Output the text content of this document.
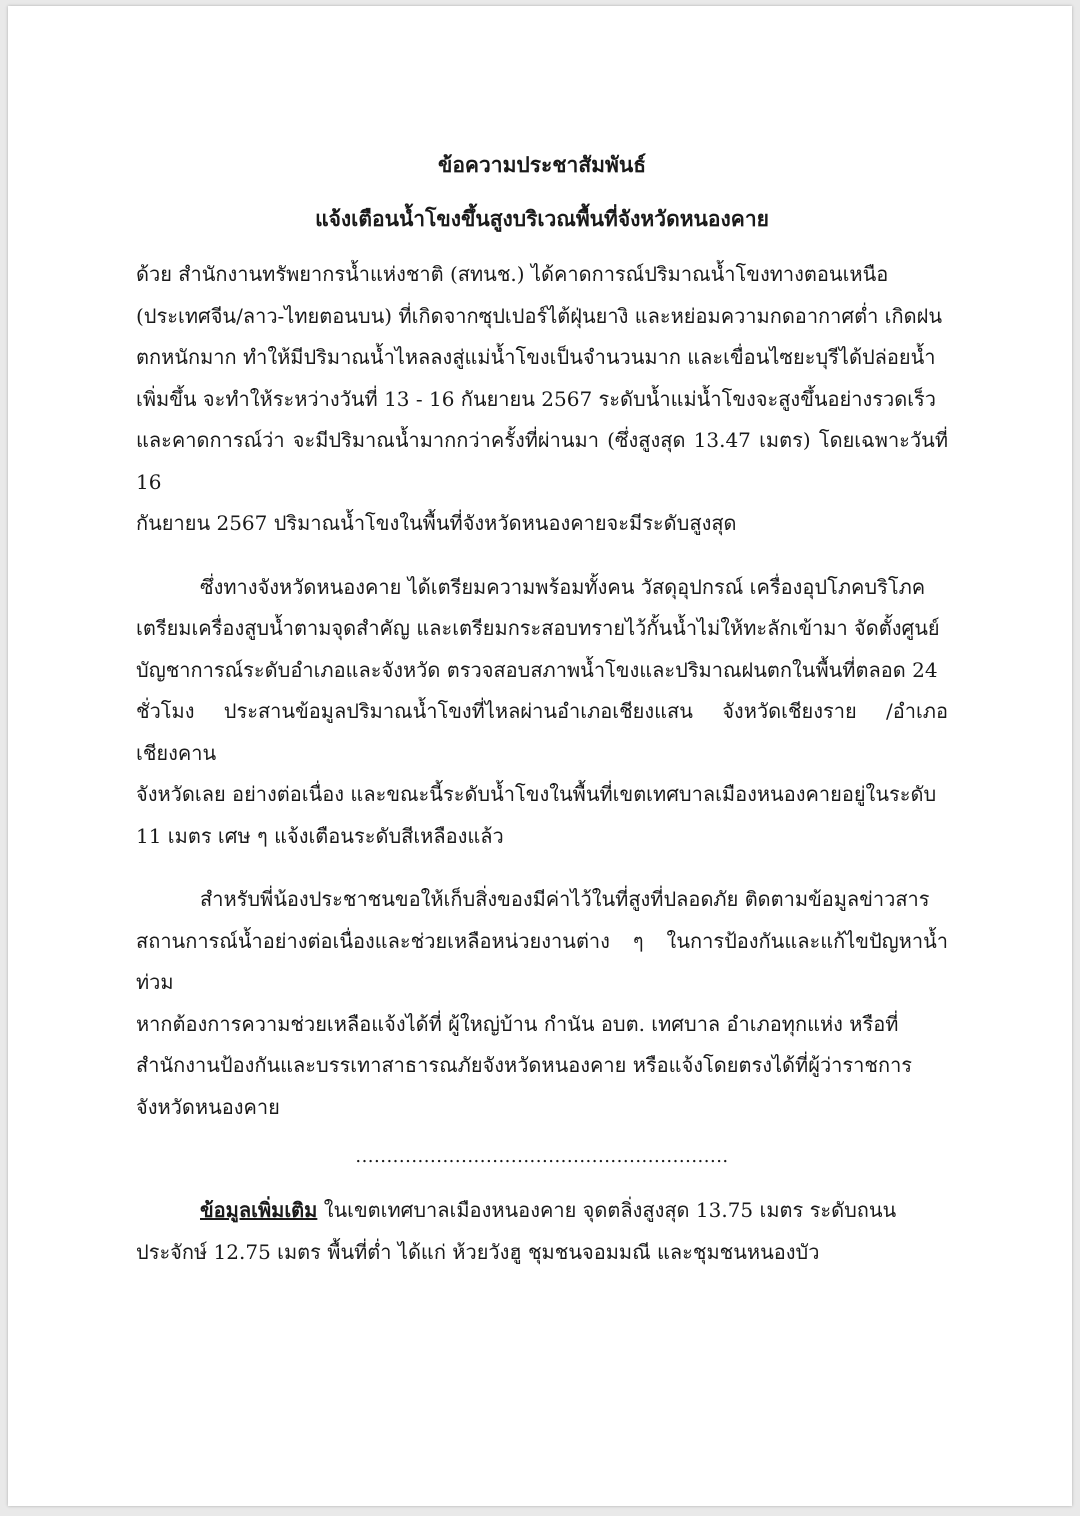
ข้อความประชาสัมพันธ์

แจ้งเตือนน้ำโขงขึ้นสูงบริเวณพื้นที่จังหวัดหนองคาย

ด้วย สำนักงานทรัพยากรน้ำแห่งชาติ (สทนช.) ได้คาดการณ์ปริมาณน้ำโขงทางตอนเหนือ
(ประเทศจีน/ลาว-ไทยตอนบน) ที่เกิดจากซุปเปอร์ไต้ฝุ่นยางิ และหย่อมความกดอากาศต่ำ เกิดฝน
ตกหนักมาก ทำให้มีปริมาณน้ำไหลลงสู่แม่น้ำโขงเป็นจำนวนมาก และเขื่อนไซยะบุรีได้ปล่อยน้ำ
เพิ่มขึ้น จะทำให้ระหว่างวันที่ 13 - 16 กันยายน 2567 ระดับน้ำแม่น้ำโขงจะสูงขึ้นอย่างรวดเร็ว
และคาดการณ์ว่า จะมีปริมาณน้ำมากกว่าครั้งที่ผ่านมา (ซึ่งสูงสุด 13.47 เมตร) โดยเฉพาะวันที่ 16
กันยายน 2567 ปริมาณน้ำโขงในพื้นที่จังหวัดหนองคายจะมีระดับสูงสุด

ซึ่งทางจังหวัดหนองคาย ได้เตรียมความพร้อมทั้งคน วัสดุอุปกรณ์ เครื่องอุปโภคบริโภค
เตรียมเครื่องสูบน้ำตามจุดสำคัญ และเตรียมกระสอบทรายไว้กั้นน้ำไม่ให้ทะลักเข้ามา จัดตั้งศูนย์
บัญชาการณ์ระดับอำเภอและจังหวัด ตรวจสอบสภาพน้ำโขงและปริมาณฝนตกในพื้นที่ตลอด 24
ชั่วโมง ประสานข้อมูลปริมาณน้ำโขงที่ไหลผ่านอำเภอเชียงแสน จังหวัดเชียงราย /อำเภอเชียงคาน
จังหวัดเลย อย่างต่อเนื่อง และขณะนี้ระดับน้ำโขงในพื้นที่เขตเทศบาลเมืองหนองคายอยู่ในระดับ
11 เมตร เศษ ๆ แจ้งเตือนระดับสีเหลืองแล้ว

สำหรับพี่น้องประชาชนขอให้เก็บสิ่งของมีค่าไว้ในที่สูงที่ปลอดภัย ติดตามข้อมูลข่าวสาร
สถานการณ์น้ำอย่างต่อเนื่องและช่วยเหลือหน่วยงานต่าง ๆ ในการป้องกันและแก้ไขปัญหาน้ำท่วม
หากต้องการความช่วยเหลือแจ้งได้ที่ ผู้ใหญ่บ้าน กำนัน อบต. เทศบาล อำเภอทุกแห่ง หรือที่
สำนักงานป้องกันและบรรเทาสาธารณภัยจังหวัดหนองคาย หรือแจ้งโดยตรงได้ที่ผู้ว่าราชการ
จังหวัดหนองคาย

............................................................

ข้อมูลเพิ่มเติม ในเขตเทศบาลเมืองหนองคาย จุดตลิ่งสูงสุด 13.75 เมตร ระดับถนน
ประจักษ์ 12.75 เมตร พื้นที่ต่ำ ได้แก่ ห้วยวังฮู ชุมชนจอมมณี และชุมชนหนองบัว
